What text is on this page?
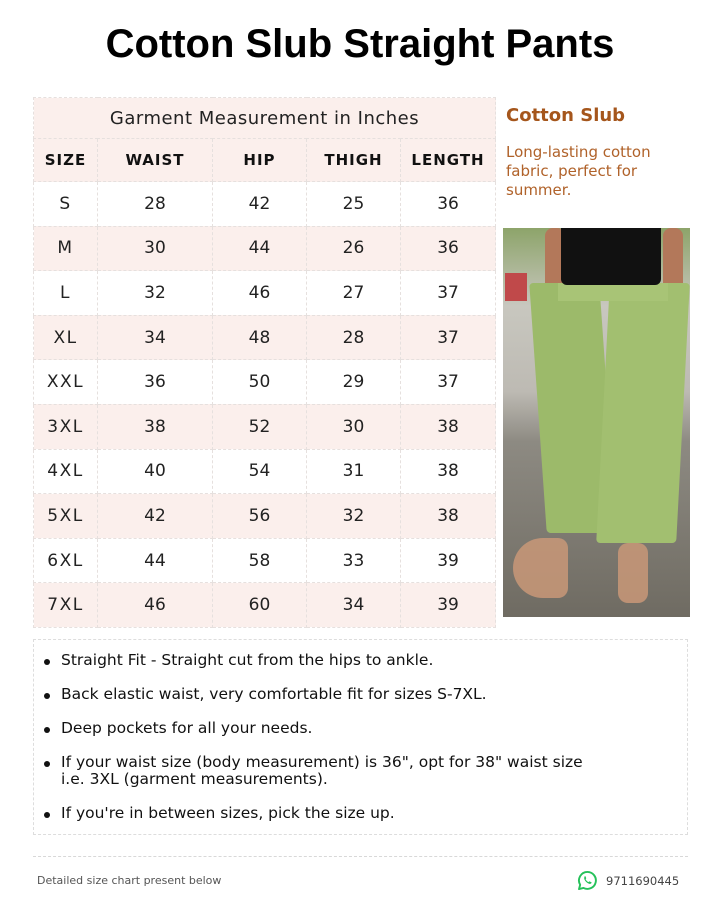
Cotton Slub Straight Pants
Garment Measurement in Inches				
SIZE	WAIST	HIP	THIGH	LENGTH
S	28	42	25	36
M	30	44	26	36
L	32	46	27	37
XL	34	48	28	37
XXL	36	50	29	37
3XL	38	52	30	38
4XL	40	54	31	38
5XL	42	56	32	38
6XL	44	58	33	39
7XL	46	60	34	39
Cotton Slub
Long-lasting cotton fabric, perfect for summer.
Straight Fit - Straight cut from the hips to ankle.
Back elastic waist, very comfortable fit for sizes S-7XL.
Deep pockets for all your needs.
If your waist size (body measurement) is 36", opt for 38" waist size i.e. 3XL (garment measurements).
If you're in between sizes, pick the size up.
Detailed size chart present below	9711690445
